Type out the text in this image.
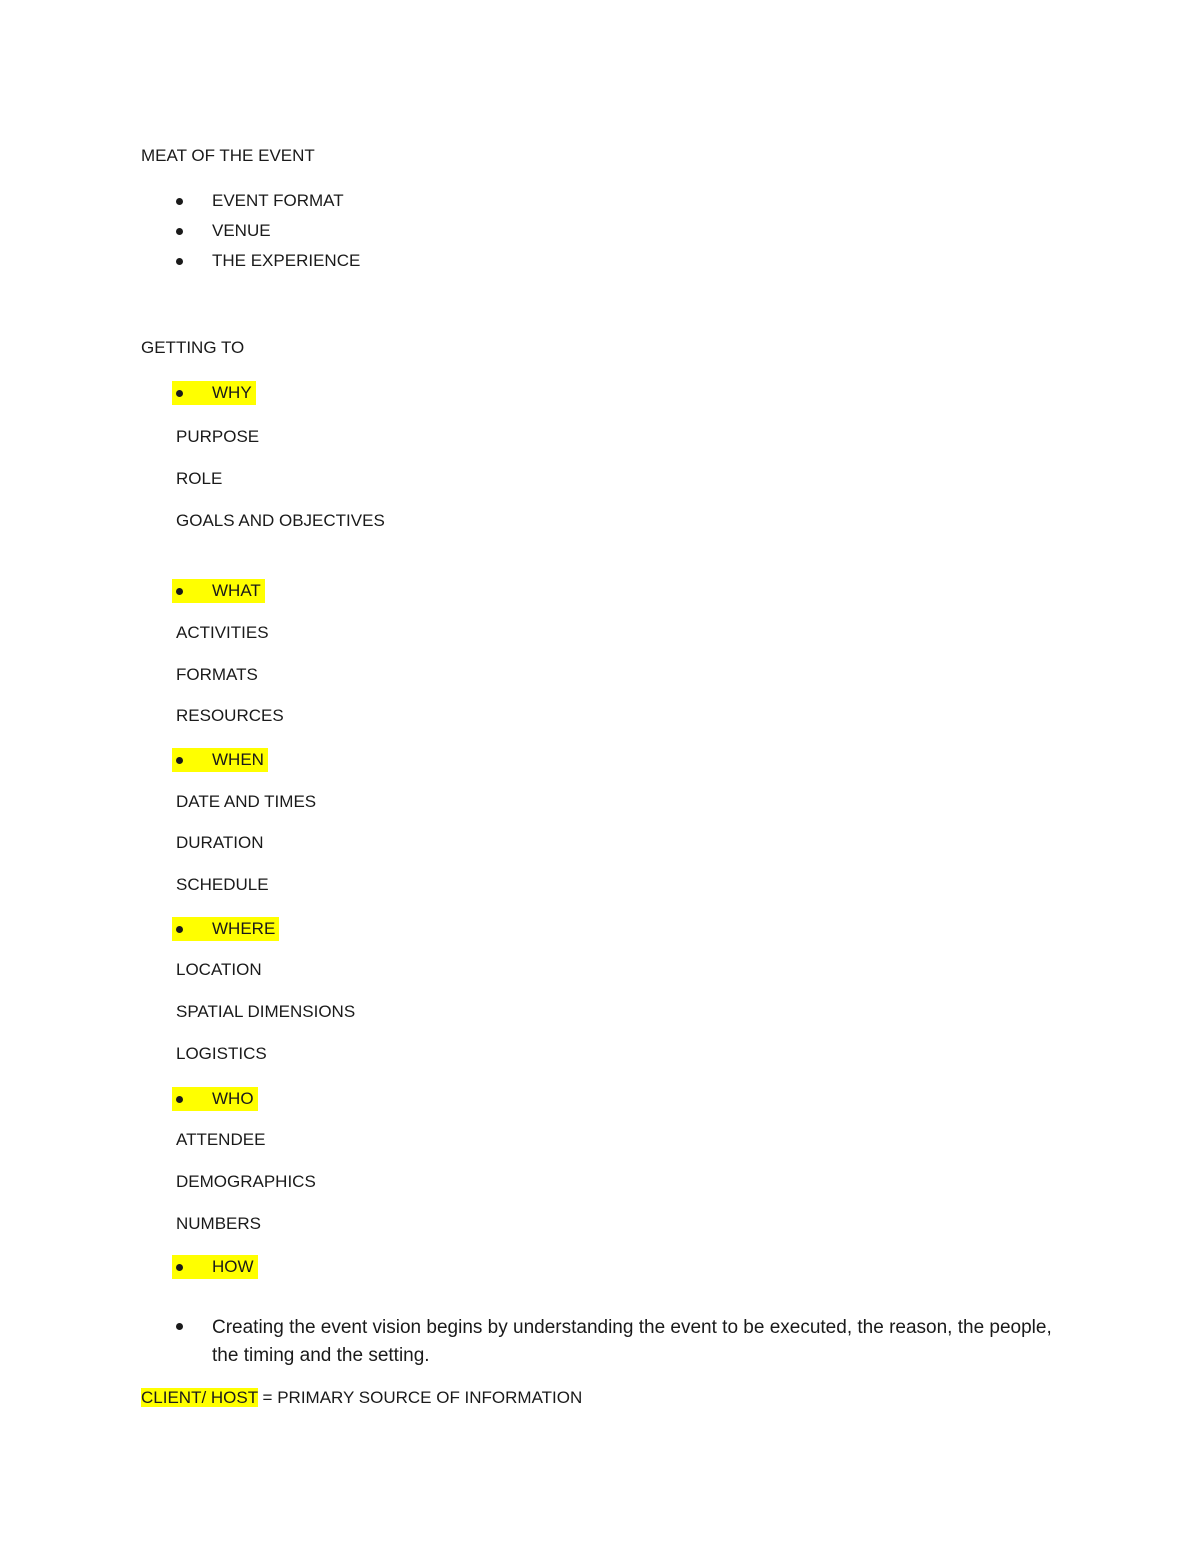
MEAT OF THE EVENT
EVENT FORMAT
VENUE
THE EXPERIENCE
GETTING TO
WHY
PURPOSE
ROLE
GOALS AND OBJECTIVES
WHAT
ACTIVITIES
FORMATS
RESOURCES
WHEN
DATE AND TIMES
DURATION
SCHEDULE
WHERE
LOCATION
SPATIAL DIMENSIONS
LOGISTICS
WHO
ATTENDEE
DEMOGRAPHICS
NUMBERS
HOW
Creating the event vision begins by understanding the event to be executed, the reason, the people, the timing and the setting.
CLIENT/ HOST = PRIMARY SOURCE OF INFORMATION
